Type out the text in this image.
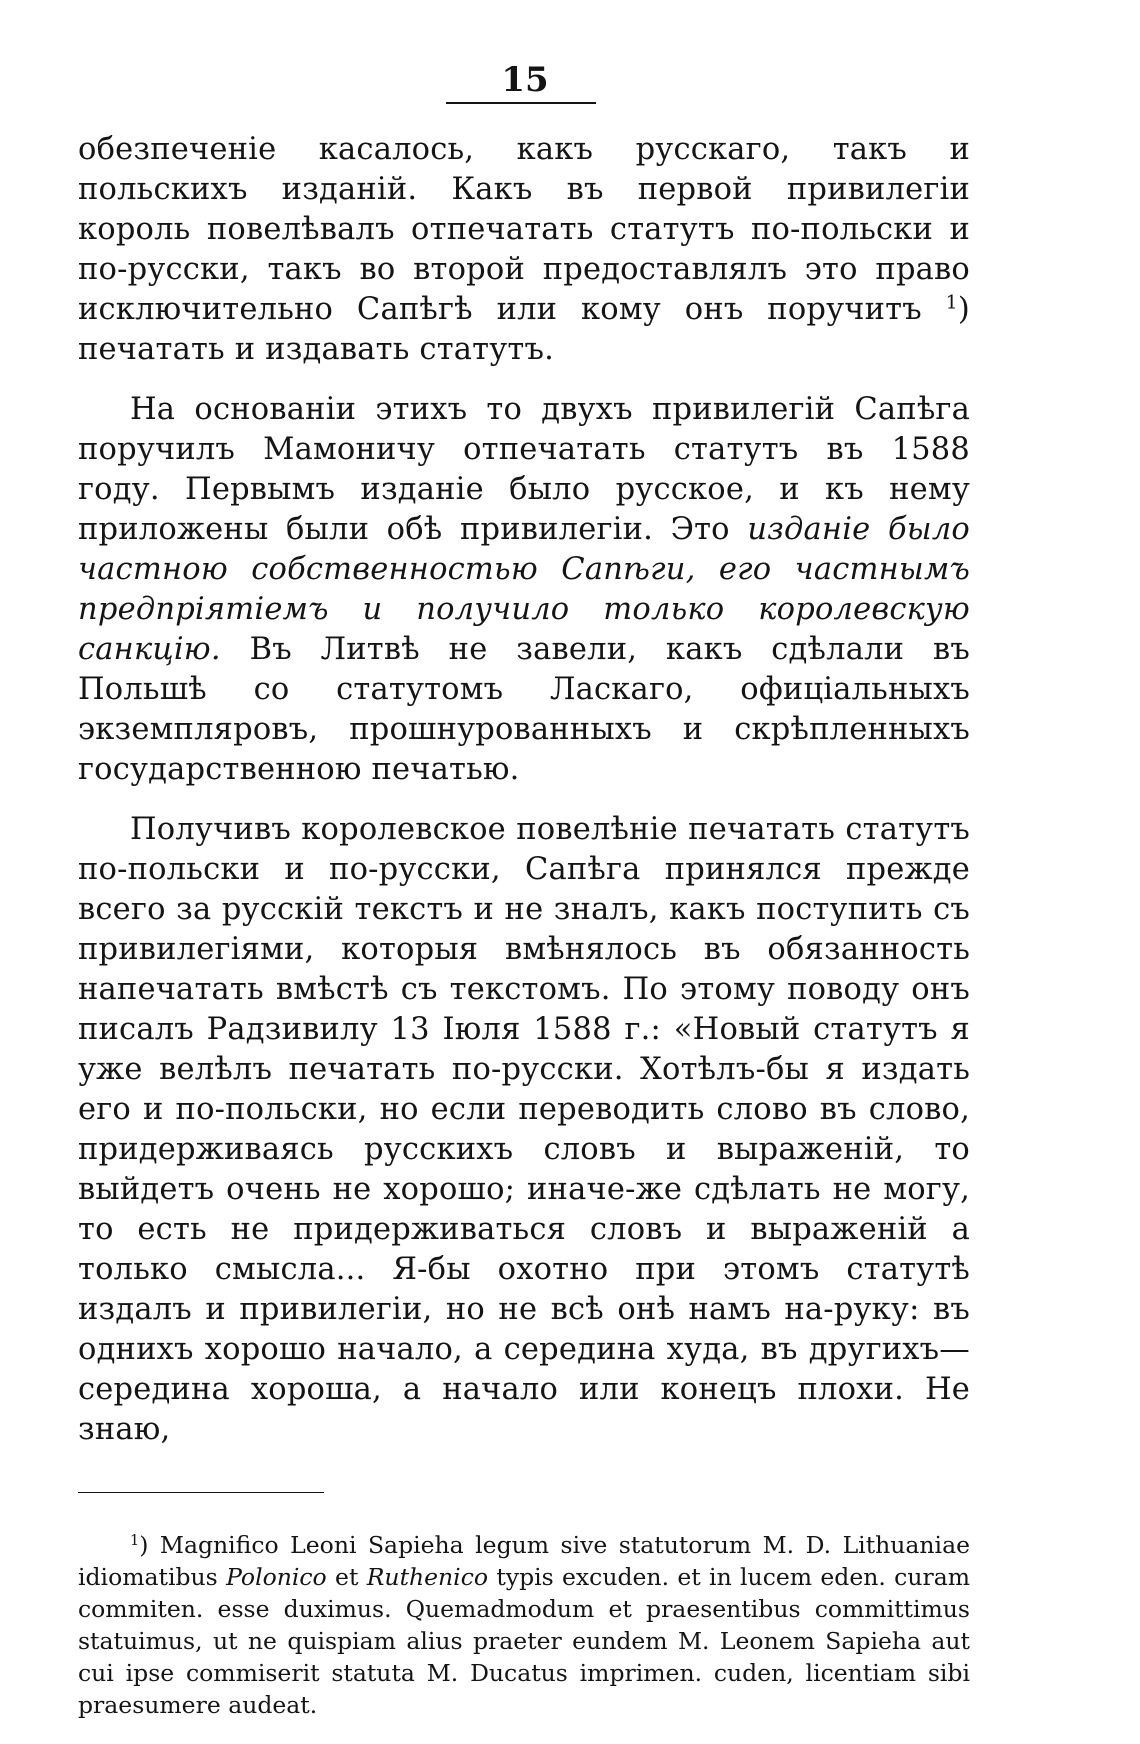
15

обезпеченіе касалось, какъ русскаго, такъ и польскихъ изданій. Какъ въ первой привилегіи король повелѣвалъ отпечатать статутъ по-польски и по-русски, такъ во второй предоставлялъ это право исключительно Сапѣгѣ или кому онъ поручитъ $^1$) печатать и издавать статутъ.

На основаніи этихъ то двухъ привилегій Сапѣга поручилъ Мамоничу отпечатать статутъ въ 1588 году. Первымъ изданіе было русское, и къ нему приложены были обѣ привилегіи. Это изданіе было частною собственностью Сапѣги, его частнымъ предпріятіемъ и получило только королевскую санкцію. Въ Литвѣ не завели, какъ сдѣлали въ Польшѣ со статутомъ Ласкаго, офиціальныхъ экземпляровъ, прошнурованныхъ и скрѣпленныхъ государственною печатью.

Получивъ королевское повелѣніе печатать статутъ по-польски и по-русски, Сапѣга принялся прежде всего за русскій текстъ и не зналъ, какъ поступить съ привилегіями, которыя вмѣнялось въ обязанность напечатать вмѣстѣ съ текстомъ. По этому поводу онъ писалъ Радзивилу 13 Іюля 1588 г.: «Новый статутъ я уже велѣлъ печатать по-русски. Хотѣлъ-бы я издать его и по-польски, но если переводить слово въ слово, придерживаясь русскихъ словъ и выраженій, то выйдетъ очень не хорошо; иначе-же сдѣлать не могу, то есть не придерживаться словъ и выраженій а только смысла... Я-бы охотно при этомъ статутѣ издалъ и привилегіи, но не всѣ онѣ намъ на-руку: въ однихъ хорошо начало, а середина худа, въ другихъ— середина хороша, а начало или конецъ плохи. Не знаю,

$^1$) Magnifico Leoni Sapieha legum sive statutorum M. D. Lithuaniae idiomatibus Polonico et Ruthenico typis excuden. et in lucem eden. curam commiten. esse duximus. Quemadmodum et praesentibus committimus statuimus, ut ne quispiam alius praeter eundem M. Leonem Sapieha aut cui ipse commiserit statuta M. Ducatus imprimen. cuden, licentiam sibi praesumere audeat.
